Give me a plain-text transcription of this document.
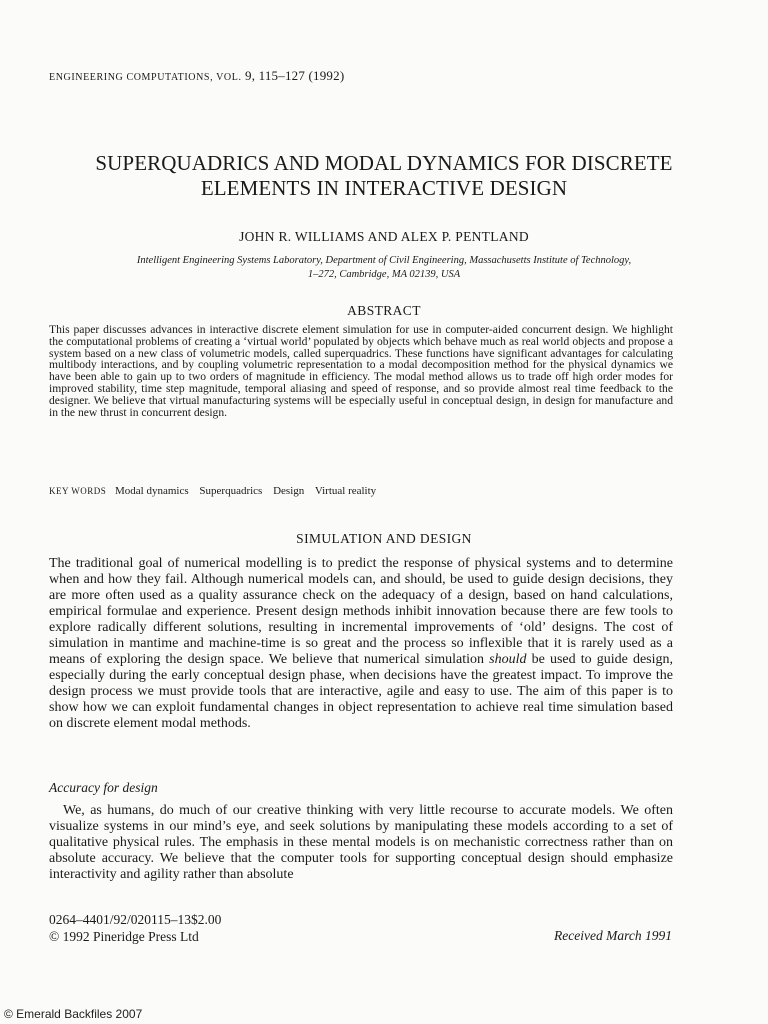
ENGINEERING COMPUTATIONS, VOL. 9, 115–127 (1992)
SUPERQUADRICS AND MODAL DYNAMICS FOR DISCRETE
ELEMENTS IN INTERACTIVE DESIGN
JOHN R. WILLIAMS AND ALEX P. PENTLAND
Intelligent Engineering Systems Laboratory, Department of Civil Engineering, Massachusetts Institute of Technology,
1–272, Cambridge, MA 02139, USA
ABSTRACT
This paper discusses advances in interactive discrete element simulation for use in computer-aided concurrent design. We highlight the computational problems of creating a ‘virtual world’ populated by objects which behave much as real world objects and propose a system based on a new class of volumetric models, called superquadrics. These functions have significant advantages for calculating multibody interactions, and by coupling volumetric representation to a modal decomposition method for the physical dynamics we have been able to gain up to two orders of magnitude in efficiency. The modal method allows us to trade off high order modes for improved stability, time step magnitude, temporal aliasing and speed of response, and so provide almost real time feedback to the designer. We believe that virtual manufacturing systems will be especially useful in conceptual design, in design for manufacture and in the new thrust in concurrent design.
KEY WORDS Modal dynamics Superquadrics Design Virtual reality
SIMULATION AND DESIGN
The traditional goal of numerical modelling is to predict the response of physical systems and to determine when and how they fail. Although numerical models can, and should, be used to guide design decisions, they are more often used as a quality assurance check on the adequacy of a design, based on hand calculations, empirical formulae and experience. Present design methods inhibit innovation because there are few tools to explore radically different solutions, resulting in incremental improvements of ‘old’ designs. The cost of simulation in mantime and machine-time is so great and the process so inflexible that it is rarely used as a means of exploring the design space. We believe that numerical simulation should be used to guide design, especially during the early conceptual design phase, when decisions have the greatest impact. To improve the design process we must provide tools that are interactive, agile and easy to use. The aim of this paper is to show how we can exploit fundamental changes in object representation to achieve real time simulation based on discrete element modal methods.
Accuracy for design
We, as humans, do much of our creative thinking with very little recourse to accurate models. We often visualize systems in our mind’s eye, and seek solutions by manipulating these models according to a set of qualitative physical rules. The emphasis in these mental models is on mechanistic correctness rather than on absolute accuracy. We believe that the computer tools for supporting conceptual design should emphasize interactivity and agility rather than absolute
0264–4401/92/020115–13$2.00
© 1992 Pineridge Press Ltd	Received March 1991
© Emerald Backfiles 2007
